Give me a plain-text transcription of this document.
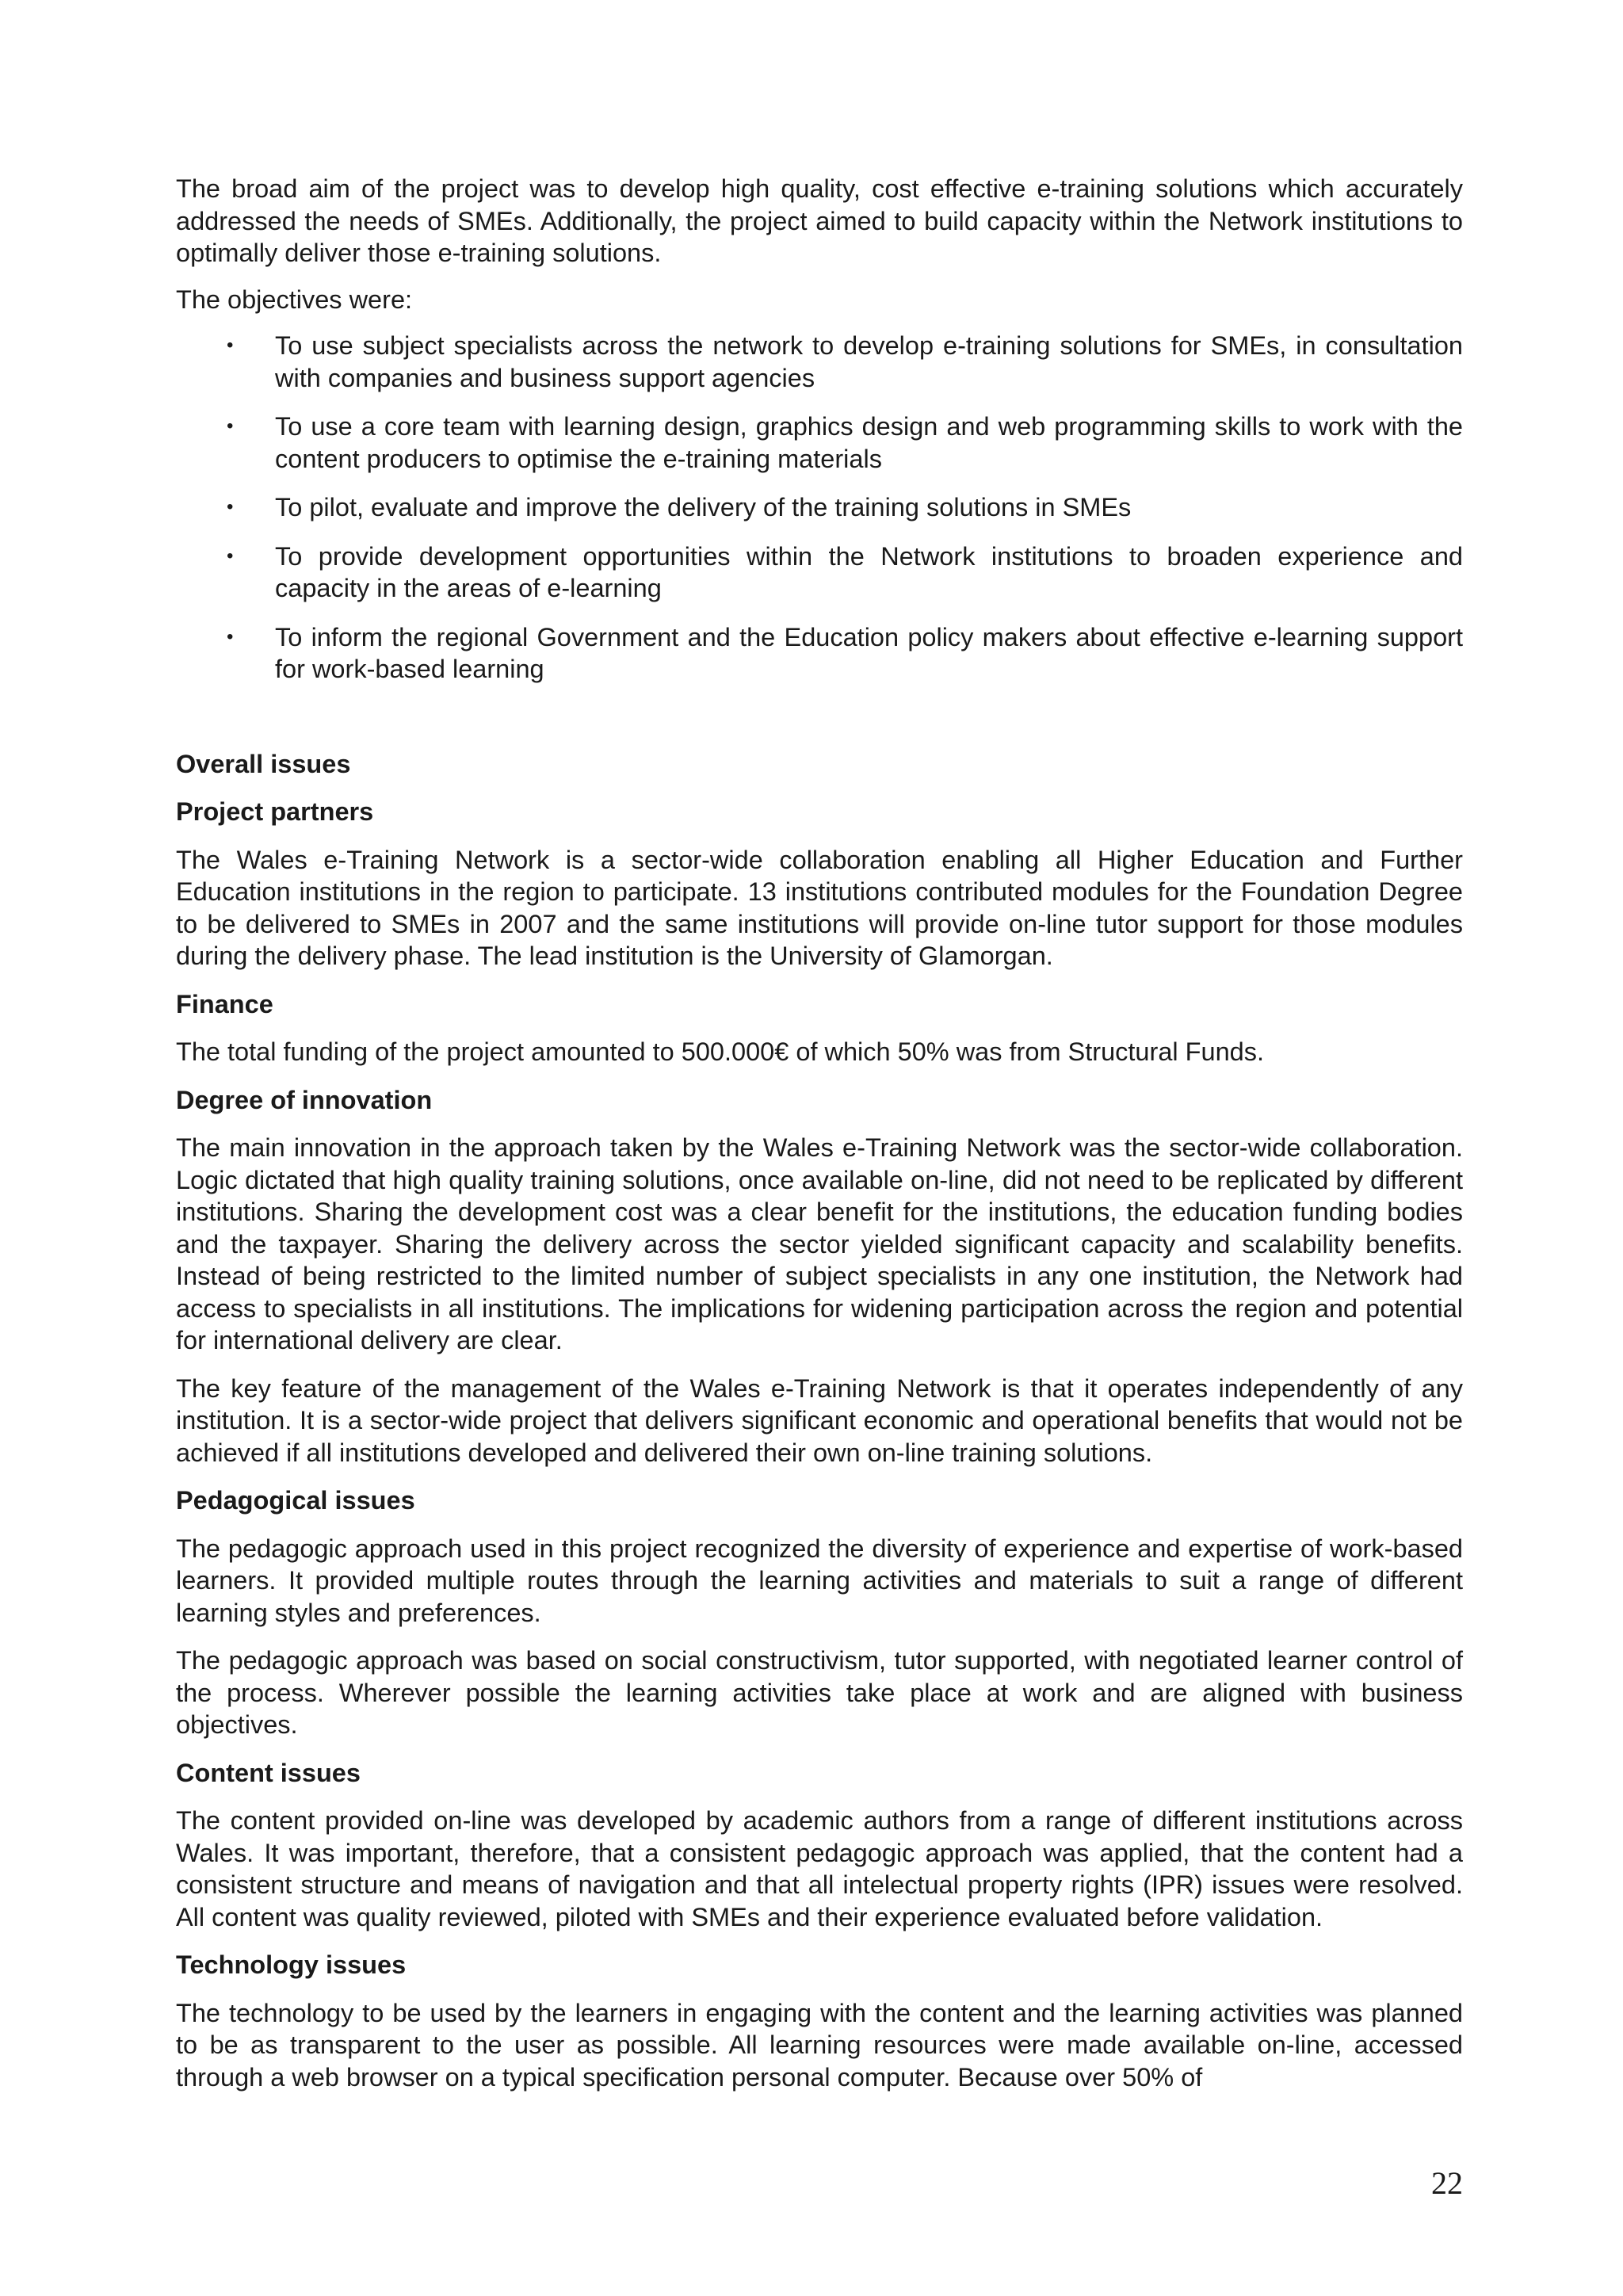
The broad aim of the project was to develop high quality, cost effective e-training solutions which accurately addressed the needs of SMEs. Additionally, the project aimed to build capacity within the Network institutions to optimally deliver those e-training solutions.

The objectives were:

• To use subject specialists across the network to develop e-training solutions for SMEs, in consultation with companies and business support agencies
• To use a core team with learning design, graphics design and web programming skills to work with the content producers to optimise the e-training materials
• To pilot, evaluate and improve the delivery of the training solutions in SMEs
• To provide development opportunities within the Network institutions to broaden experience and capacity in the areas of e-learning
• To inform the regional Government and the Education policy makers about effective e-learning support for work-based learning
Overall issues
Project partners

The Wales e-Training Network is a sector-wide collaboration enabling all Higher Education and Further Education institutions in the region to participate. 13 institutions contributed modules for the Foundation Degree to be delivered to SMEs in 2007 and the same institutions will provide on-line tutor support for those modules during the delivery phase. The lead institution is the University of Glamorgan.

Finance

The total funding of the project amounted to 500.000€ of which 50% was from Structural Funds.

Degree of innovation

The main innovation in the approach taken by the Wales e-Training Network was the sector-wide collaboration. Logic dictated that high quality training solutions, once available on-line, did not need to be replicated by different institutions. Sharing the development cost was a clear benefit for the institutions, the education funding bodies and the taxpayer. Sharing the delivery across the sector yielded significant capacity and scalability benefits. Instead of being restricted to the limited number of subject specialists in any one institution, the Network had access to specialists in all institutions. The implications for widening participation across the region and potential for international delivery are clear.

The key feature of the management of the Wales e-Training Network is that it operates independently of any institution. It is a sector-wide project that delivers significant economic and operational benefits that would not be achieved if all institutions developed and delivered their own on-line training solutions.

Pedagogical issues

The pedagogic approach used in this project recognized the diversity of experience and expertise of work-based learners. It provided multiple routes through the learning activities and materials to suit a range of different learning styles and preferences.

The pedagogic approach was based on social constructivism, tutor supported, with negotiated learner control of the process. Wherever possible the learning activities take place at work and are aligned with business objectives.

Content issues

The content provided on-line was developed by academic authors from a range of different institutions across Wales. It was important, therefore, that a consistent pedagogic approach was applied, that the content had a consistent structure and means of navigation and that all intelectual property rights (IPR) issues were resolved. All content was quality reviewed, piloted with SMEs and their experience evaluated before validation.

Technology issues

The technology to be used by the learners in engaging with the content and the learning activities was planned to be as transparent to the user as possible. All learning resources were made available on-line, accessed through a web browser on a typical specification personal computer. Because over 50% of

22
